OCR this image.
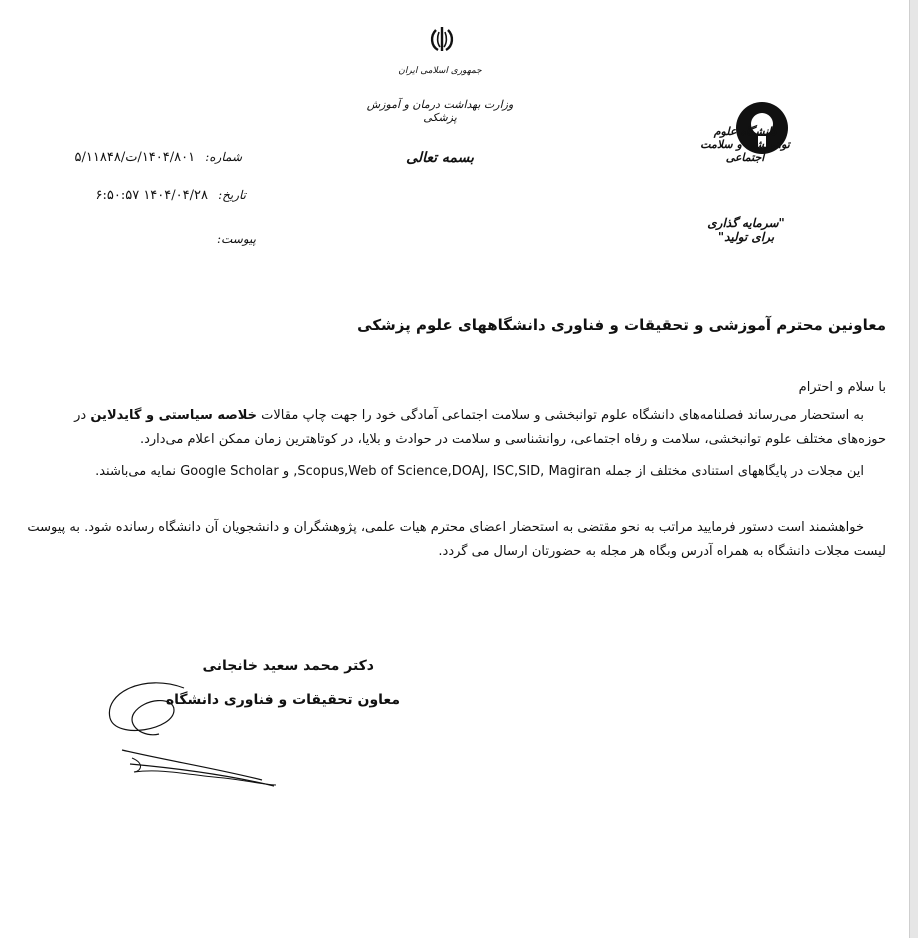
جمهوری اسلامی ایران
وزارت بهداشت درمان و آموزش پزشکی
بسمه تعالی
شماره: ۱۴۰۴/۸۰۱/ت/۵/۱۱۸۴۸
تاریخ: ۱۴۰۴/۰۴/۲۸ ۶:۵۰:۵۷
پیوست:
دانشگاه علوم توانبخشی و سلامت اجتماعی
"سرمایه گذاری برای تولید"
معاونین محترم آموزشی و تحقیقات و فناوری دانشگاههای علوم پزشکی
با سلام و احترام
به استحضار می‌رساند فصلنامه‌های دانشگاه علوم توانبخشی و سلامت اجتماعی آمادگی خود را جهت چاپ مقالات خلاصه سیاستی و گایدلاین در حوزه‌های مختلف علوم توانبخشی، سلامت و رفاه اجتماعی، روانشناسی و سلامت در حوادث و بلایا، در کوتاهترین زمان ممکن اعلام می‌دارد.
این مجلات در پایگاههای استنادی مختلف از جمله Scopus,Web of Science,DOAJ, ISC,SID, Magiran, و Google Scholar نمایه می‌باشند.
خواهشمند است دستور فرمایید مراتب به نحو مقتضی به استحضار اعضای محترم هیات علمی، پژوهشگران و دانشجویان آن دانشگاه رسانده شود. به پیوست لیست مجلات دانشگاه به همراه آدرس وبگاه هر مجله به حضورتان ارسال می گردد.
دکتر محمد سعید خانجانی
معاون تحقیقات و فناوری دانشگاه
